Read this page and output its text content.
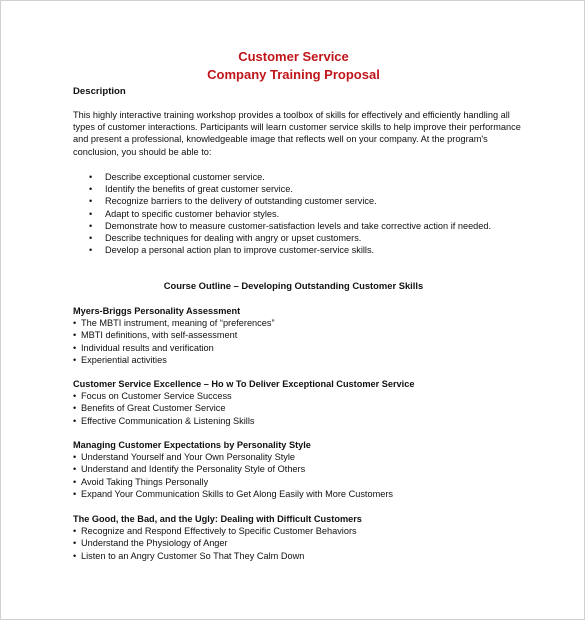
Customer Service
Company Training Proposal
Description
This highly interactive training workshop provides a toolbox of skills for effectively and efficiently handling all
types of customer interactions. Participants will learn customer service skills to help improve their performance
and present a professional, knowledgeable image that reflects well on your company. At the program's
conclusion, you should be able to:
• Describe exceptional customer service.
• Identify the benefits of great customer service.
• Recognize barriers to the delivery of outstanding customer service.
• Adapt to specific customer behavior styles.
• Demonstrate how to measure customer-satisfaction levels and take corrective action if needed.
• Describe techniques for dealing with angry or upset customers.
• Develop a personal action plan to improve customer-service skills.
Course Outline – Developing Outstanding Customer Skills
Myers-Briggs Personality Assessment
• The MBTI instrument, meaning of “preferences”
• MBTI definitions, with self-assessment
• Individual results and verification
• Experiential activities
Customer Service Excellence – Ho w To Deliver Exceptional Customer Service
• Focus on Customer Service Success
• Benefits of Great Customer Service
• Effective Communication & Listening Skills
Managing Customer Expectations by Personality Style
• Understand Yourself and Your Own Personality Style
• Understand and Identify the Personality Style of Others
• Avoid Taking Things Personally
• Expand Your Communication Skills to Get Along Easily with More Customers
The Good, the Bad, and the Ugly: Dealing with Difficult Customers
• Recognize and Respond Effectively to Specific Customer Behaviors
• Understand the Physiology of Anger
• Listen to an Angry Customer So That They Calm Down
